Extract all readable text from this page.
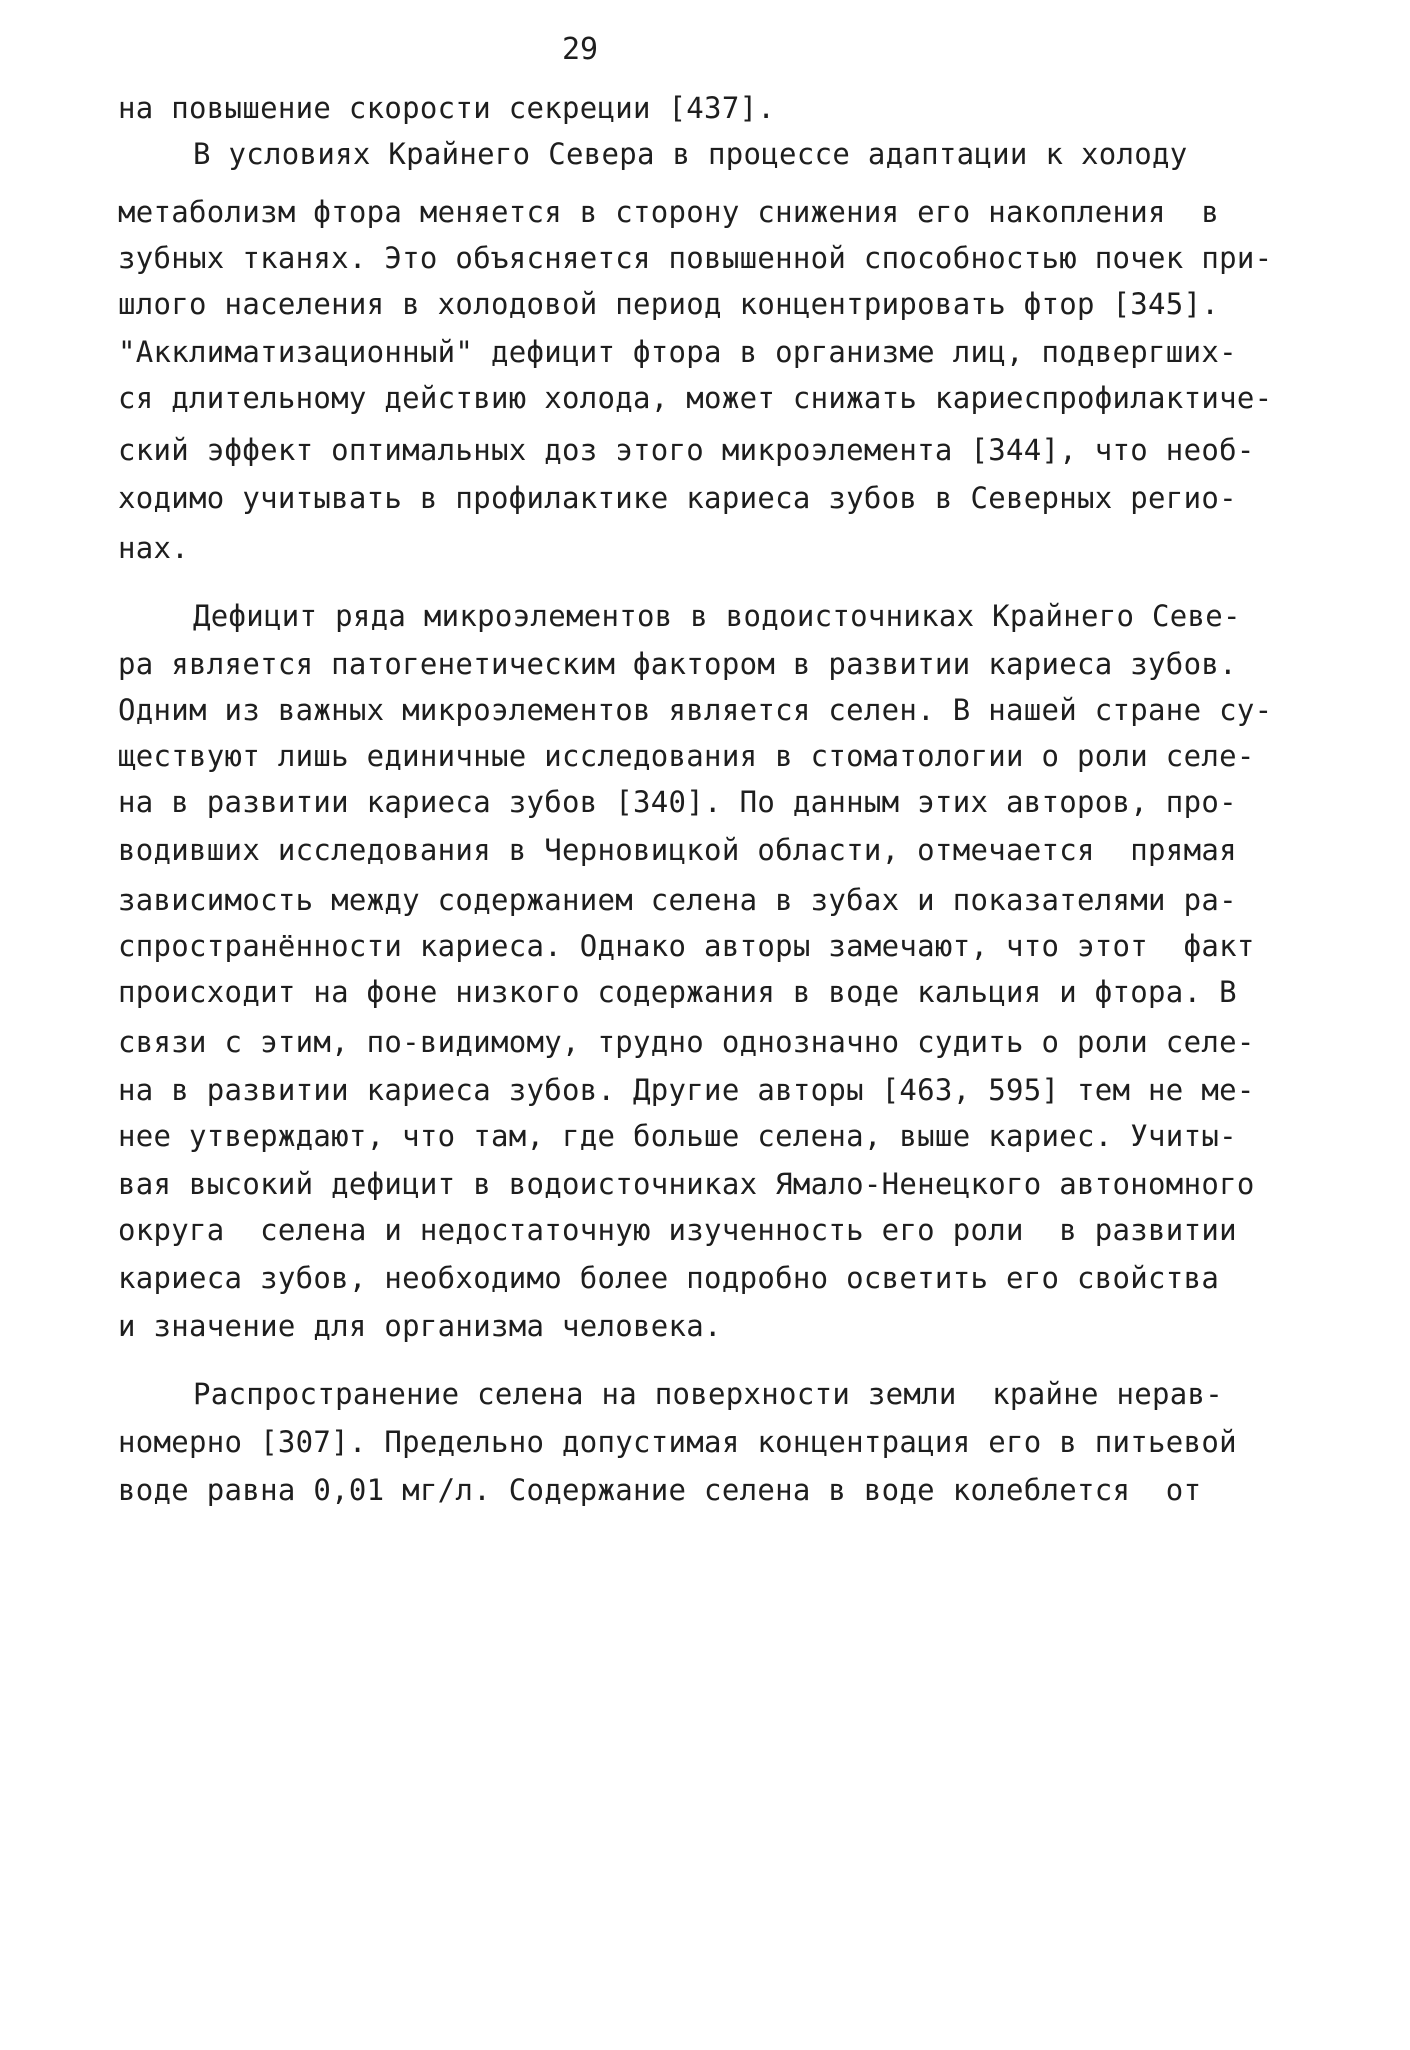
29
на повышение скорости секреции [437].
В условиях Крайнего Севера в процессе адаптации к холоду
метаболизм фтора меняется в сторону снижения его накопления  в
зубных тканях. Это объясняется повышенной способностью почек при-
шлого населения в холодовой период концентрировать фтор [345].
"Акклиматизационный" дефицит фтора в организме лиц, подвергших-
ся длительному действию холода, может снижать кариеспрофилактиче-
ский эффект оптимальных доз этого микроэлемента [344], что необ-
ходимо учитывать в профилактике кариеса зубов в Северных регио-
нах.
Дефицит ряда микроэлементов в водоисточниках Крайнего Севе-
ра является патогенетическим фактором в развитии кариеса зубов.
Одним из важных микроэлементов является селен. В нашей стране су-
ществуют лишь единичные исследования в стоматологии о роли селе-
на в развитии кариеса зубов [340]. По данным этих авторов, про-
водивших исследования в Черновицкой области, отмечается  прямая
зависимость между содержанием селена в зубах и показателями ра-
спространённости кариеса. Однако авторы замечают, что этот  факт
происходит на фоне низкого содержания в воде кальция и фтора. В
связи с этим, по-видимому, трудно однозначно судить о роли селе-
на в развитии кариеса зубов. Другие авторы [463, 595] тем не ме-
нее утверждают, что там, где больше селена, выше кариес. Учиты-
вая высокий дефицит в водоисточниках Ямало-Ненецкого автономного
округа  селена и недостаточную изученность его роли  в развитии
кариеса зубов, необходимо более подробно осветить его свойства
и значение для организма человека.
Распространение селена на поверхности земли  крайне нерав-
номерно [307]. Предельно допустимая концентрация его в питьевой
воде равна 0,01 мг/л. Содержание селена в воде колеблется  от
